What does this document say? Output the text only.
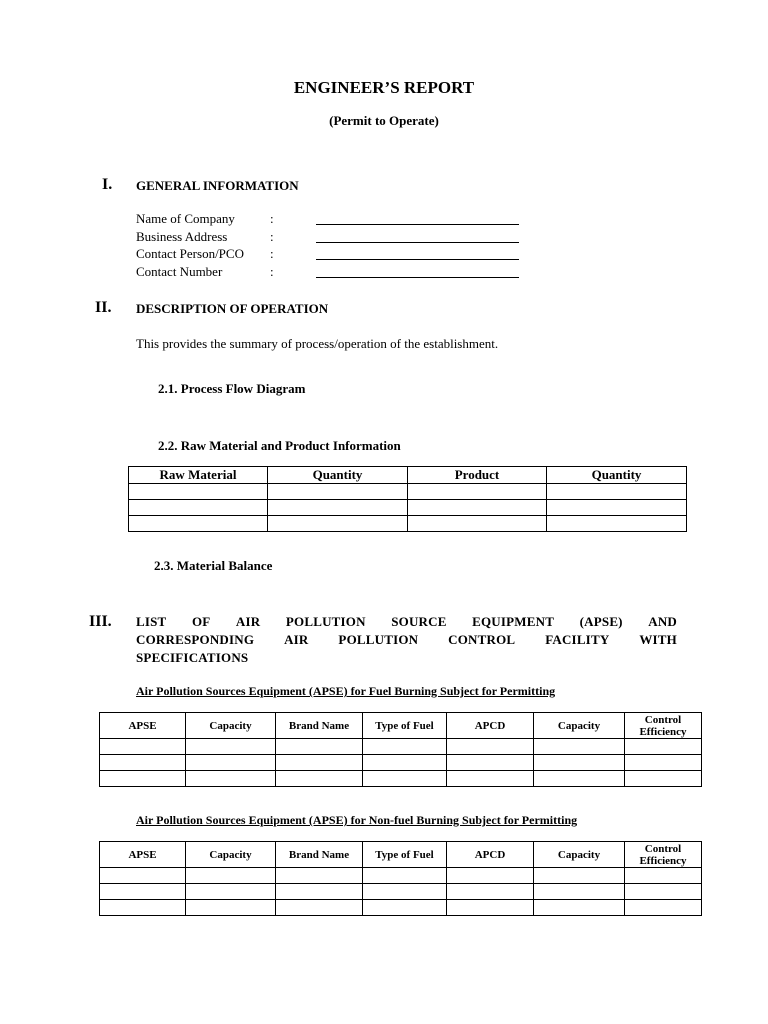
ENGINEER’S REPORT
(Permit to Operate)
I. GENERAL INFORMATION
Name of Company	:
Business Address	:
Contact Person/PCO :
Contact Number	:
II. DESCRIPTION OF OPERATION
This provides the summary of process/operation of the establishment.
2.1. Process Flow Diagram
2.2. Raw Material and Product Information
Raw Material	Quantity	Product	Quantity

2.3. Material Balance
III. LIST OF AIR POLLUTION SOURCE EQUIPMENT (APSE) AND
CORRESPONDING AIR POLLUTION CONTROL FACILITY WITH
SPECIFICATIONS
Air Pollution Sources Equipment (APSE) for Fuel Burning Subject for Permitting
APSE	Capacity	Brand Name	Type of Fuel	APCD	Capacity	Control Efficiency

Air Pollution Sources Equipment (APSE) for Non-fuel Burning Subject for Permitting
APSE	Capacity	Brand Name	Type of Fuel	APCD	Capacity	Control Efficiency
